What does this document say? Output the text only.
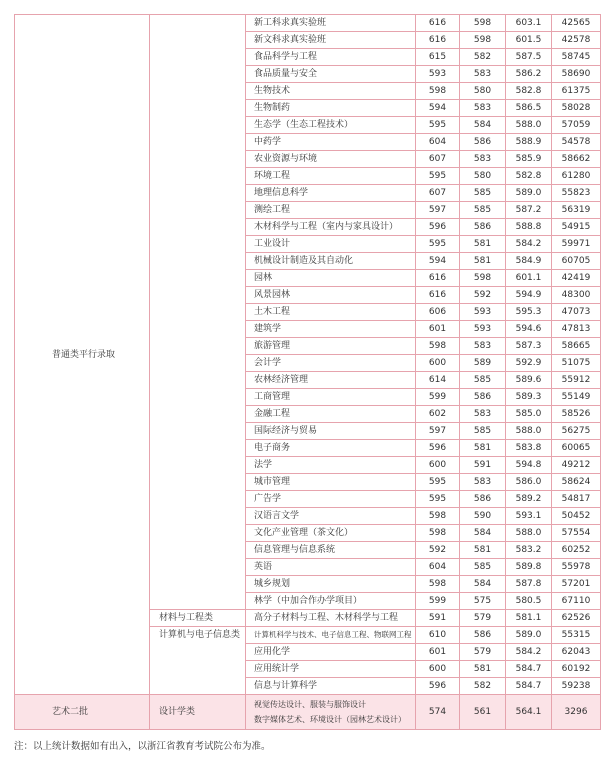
普通类平行录取		新工科求真实验班	616	598	603.1	42565
		新文科求真实验班	616	598	601.5	42578
		食品科学与工程	615	582	587.5	58745
		食品质量与安全	593	583	586.2	58690
		生物技术	598	580	582.8	61375
		生物制药	594	583	586.5	58028
		生态学（生态工程技术）	595	584	588.0	57059
		中药学	604	586	588.9	54578
		农业资源与环境	607	583	585.9	58662
		环境工程	595	580	582.8	61280
		地理信息科学	607	585	589.0	55823
		测绘工程	597	585	587.2	56319
		木材科学与工程（室内与家具设计）	596	586	588.8	54915
		工业设计	595	581	584.2	59971
		机械设计制造及其自动化	594	581	584.9	60705
		园林	616	598	601.1	42419
		风景园林	616	592	594.9	48300
		土木工程	606	593	595.3	47073
		建筑学	601	593	594.6	47813
		旅游管理	598	583	587.3	58665
		会计学	600	589	592.9	51075
		农林经济管理	614	585	589.6	55912
		工商管理	599	586	589.3	55149
		金融工程	602	583	585.0	58526
		国际经济与贸易	597	585	588.0	56275
		电子商务	596	581	583.8	60065
		法学	600	591	594.8	49212
		城市管理	595	583	586.0	58624
		广告学	595	586	589.2	54817
		汉语言文学	598	590	593.1	50452
		文化产业管理（茶文化）	598	584	588.0	57554
		信息管理与信息系统	592	581	583.2	60252
		英语	604	585	589.8	55978
		城乡规划	598	584	587.8	57201
		林学（中加合作办学项目）	599	575	580.5	67110
	材料与工程类	高分子材料与工程、木材科学与工程	591	579	581.1	62526
	计算机与电子信息类	计算机科学与技术、电子信息工程、物联网工程	610	586	589.0	55315
		应用化学	601	579	584.2	62043
		应用统计学	600	581	584.7	60192
		信息与计算科学	596	582	584.7	59238
艺术二批	设计学类	视觉传达设计、服装与服饰设计
数字媒体艺术、环境设计（园林艺术设计）	574	561	564.1	3296
注：以上统计数据如有出入，以浙江省教育考试院公布为准。
